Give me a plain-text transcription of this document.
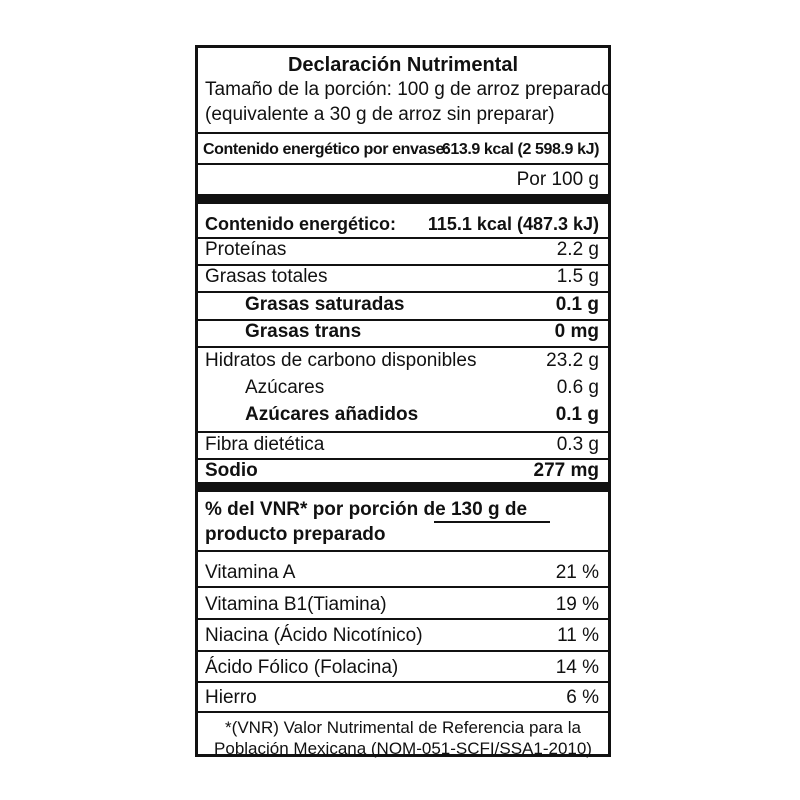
Declaración Nutrimental
Tamaño de la porción: 100 g de arroz preparado
(equivalente a 30 g de arroz sin preparar)
Contenido energético por envase:
613.9 kcal (2 598.9 kJ)
Por 100 g
Contenido energético: 115.1 kcal (487.3 kJ)
Proteínas	2.2 g
Grasas totales	1.5 g
Grasas saturadas	0.1 g
Grasas trans	0 mg
Hidratos de carbono disponibles	23.2 g
Azúcares	0.6 g
Azúcares añadidos	0.1 g
Fibra dietética	0.3 g
Sodio	277 mg
% del VNR* por porción de 130 g de
producto preparado
Vitamina A	21 %
Vitamina B1(Tiamina)	19 %
Niacina (Ácido Nicotínico)	11 %
Ácido Fólico (Folacina)	14 %
Hierro	6 %
*(VNR) Valor Nutrimental de Referencia para la
Población Mexicana (NOM-051-SCFI/SSA1-2010)
